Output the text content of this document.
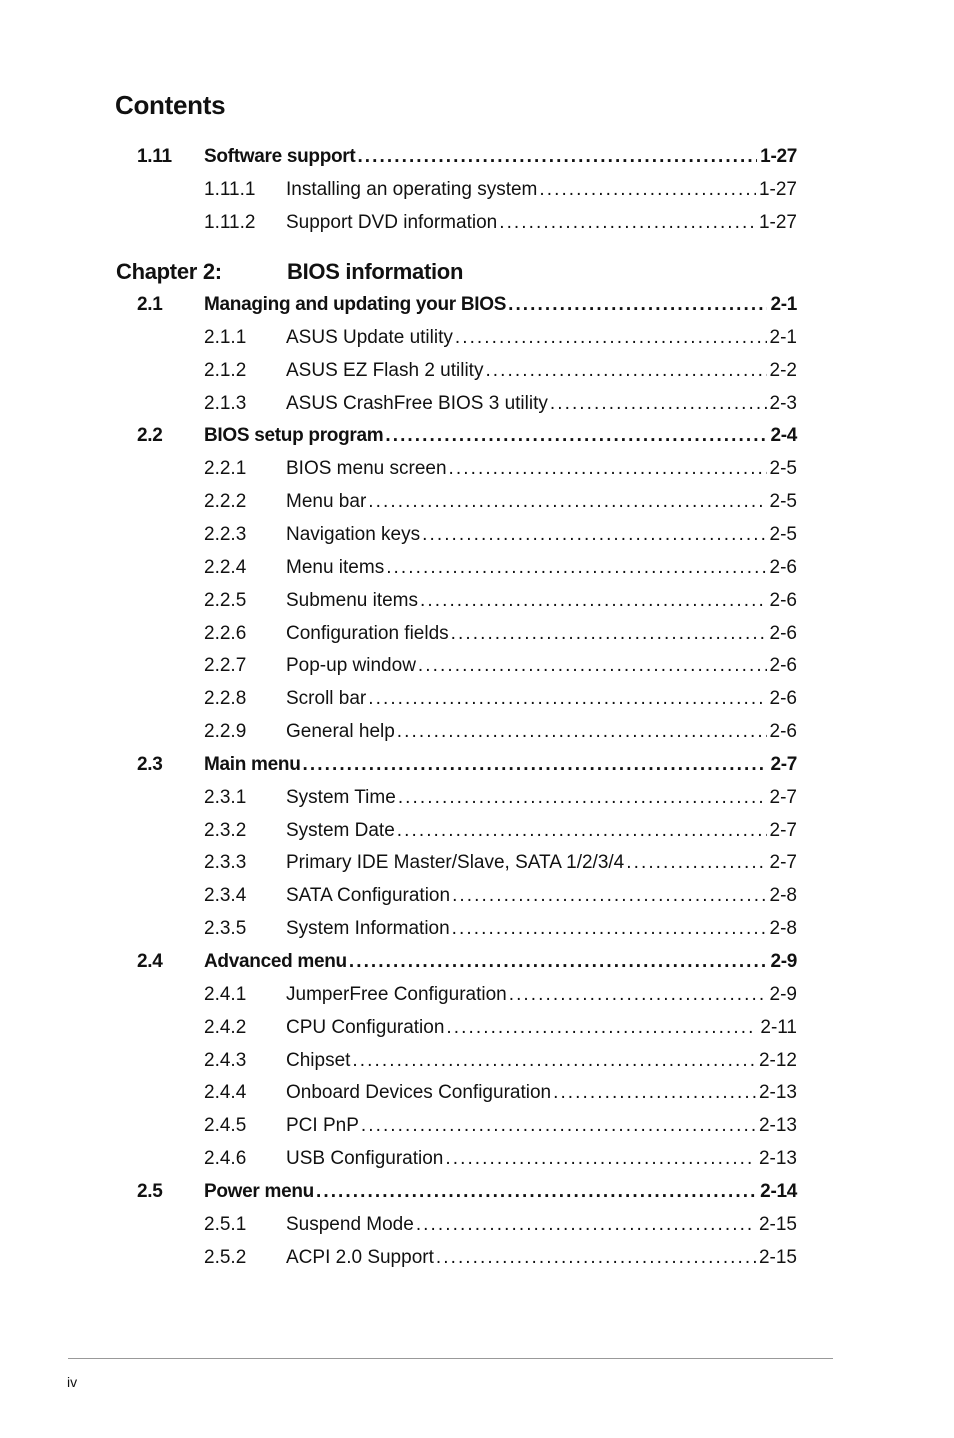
Contents
1.11 Software support . . .	1-27
1.11.1 Installing an operating system . . .	1-27
1.11.2 Support DVD information . . .	1-27
Chapter 2:	BIOS information
2.1 Managing and updating your BIOS . . .	2-1
2.1.1 ASUS Update utility . . .	2-1
2.1.2 ASUS EZ Flash 2 utility . . .	2-2
2.1.3 ASUS CrashFree BIOS 3 utility . . .	2-3
2.2 BIOS setup program . . .	2-4
2.2.1 BIOS menu screen . . .	2-5
2.2.2 Menu bar . . .	2-5
2.2.3 Navigation keys . . .	2-5
2.2.4 Menu items . . .	2-6
2.2.5 Submenu items . . .	2-6
2.2.6 Configuration fields . . .	2-6
2.2.7 Pop-up window . . .	2-6
2.2.8 Scroll bar . . .	2-6
2.2.9 General help . . .	2-6
2.3 Main menu . . .	2-7
2.3.1 System Time . . .	2-7
2.3.2 System Date . . .	2-7
2.3.3 Primary IDE Master/Slave, SATA 1/2/3/4 . . .	2-7
2.3.4 SATA Configuration . . .	2-8
2.3.5 System Information . . .	2-8
2.4 Advanced menu . . .	2-9
2.4.1 JumperFree Configuration . . .	2-9
2.4.2 CPU Configuration . . .	2-11
2.4.3 Chipset . . .	2-12
2.4.4 Onboard Devices Configuration . . .	2-13
2.4.5 PCI PnP . . .	2-13
2.4.6 USB Configuration . . .	2-13
2.5 Power menu . . .	2-14
2.5.1 Suspend Mode . . .	2-15
2.5.2 ACPI 2.0 Support . . .	2-15
iv
